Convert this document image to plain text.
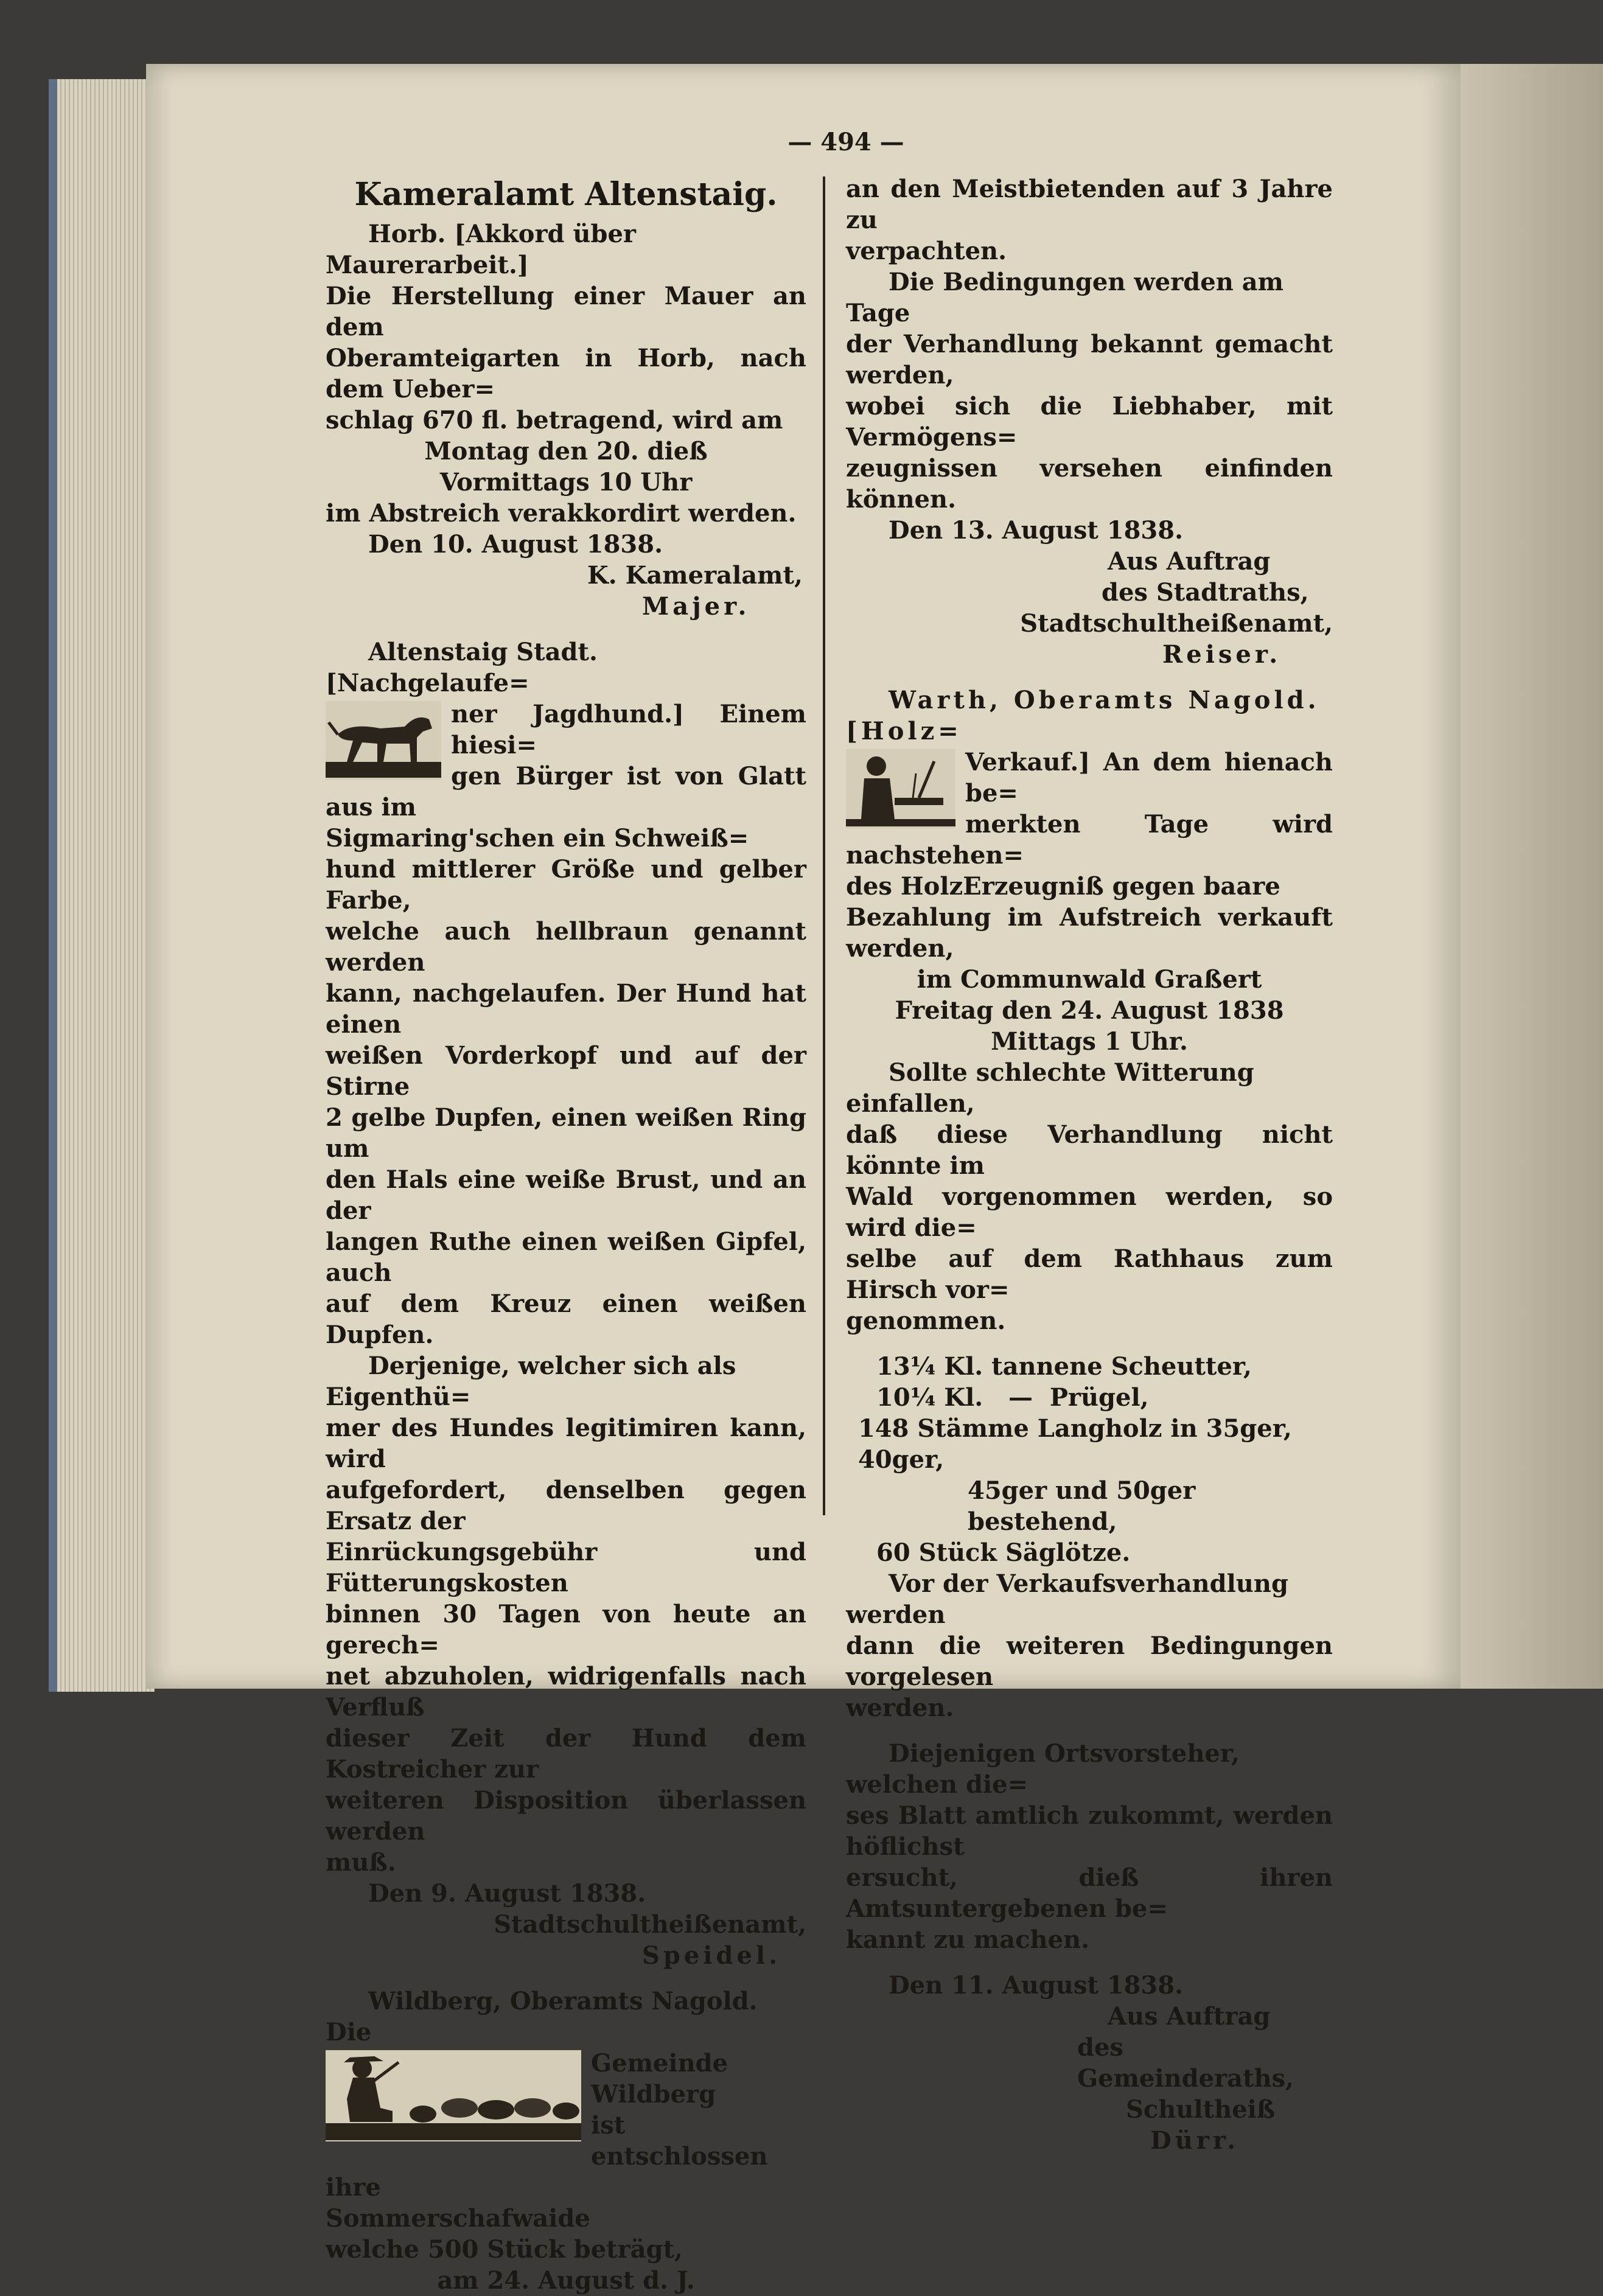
— 494 —

Kameralamt Altenstaig.

Horb. [Akkord über Maurerarbeit.]

Die Herstellung einer Mauer an dem

Oberamteigarten in Horb, nach dem Ueber=

schlag 670 fl. betragend, wird am

Montag den 20. dieß

Vormittags 10 Uhr

im Abstreich verakkordirt werden.

Den 10. August 1838.

K. Kameralamt,

Majer.

Altenstaig Stadt. [Nachgelaufe=

ner Jagdhund.] Einem hiesi=

gen Bürger ist von Glatt aus im

Sigmaring'schen ein Schweiß=

hund mittlerer Größe und gelber Farbe,

welche auch hellbraun genannt werden

kann, nachgelaufen. Der Hund hat einen

weißen Vorderkopf und auf der Stirne

2 gelbe Dupfen, einen weißen Ring um

den Hals eine weiße Brust, und an der

langen Ruthe einen weißen Gipfel, auch

auf dem Kreuz einen weißen Dupfen.

Derjenige, welcher sich als Eigenthü=

mer des Hundes legitimiren kann, wird

aufgefordert, denselben gegen Ersatz der

Einrückungsgebühr und Fütterungskosten

binnen 30 Tagen von heute an gerech=

net abzuholen, widrigenfalls nach Verfluß

dieser Zeit der Hund dem Kostreicher zur

weiteren Disposition überlassen werden

muß.

Den 9. August 1838.

Stadtschultheißenamt,

Speidel.

Wildberg, Oberamts Nagold. Die

Gemeinde Wildberg

ist entschlossen ihre

Sommerschafwaide

welche 500 Stück beträgt,

am 24. August d. J.

an den Meistbietenden auf 3 Jahre zu

verpachten.

Die Bedingungen werden am Tage

der Verhandlung bekannt gemacht werden,

wobei sich die Liebhaber, mit Vermögens=

zeugnissen versehen einfinden können.

Den 13. August 1838.

Aus Auftrag

des Stadtraths,

Stadtschultheißenamt,

Reiser.

Warth, Oberamts Nagold. [Holz=

Verkauf.] An dem hienach be=

merkten Tage wird nachstehen=

des HolzErzeugniß gegen baare

Bezahlung im Aufstreich verkauft werden,

im Communwald Graßert

Freitag den 24. August 1838

Mittags 1 Uhr.

Sollte schlechte Witterung einfallen,

daß diese Verhandlung nicht könnte im

Wald vorgenommen werden, so wird die=

selbe auf dem Rathhaus zum Hirsch vor=

genommen.

13¼ Kl. tannene Scheutter,

10¼ Kl.   —  Prügel,

148 Stämme Langholz in 35ger, 40ger,

45ger und 50ger bestehend,

60 Stück Säglötze.

Vor der Verkaufsverhandlung werden

dann die weiteren Bedingungen vorgelesen

werden.

Diejenigen Ortsvorsteher, welchen die=

ses Blatt amtlich zukommt, werden höflichst

ersucht, dieß ihren Amtsuntergebenen be=

kannt zu machen.

Den 11. August 1838.

Aus Auftrag

des Gemeinderaths,

Schultheiß

Dürr.
